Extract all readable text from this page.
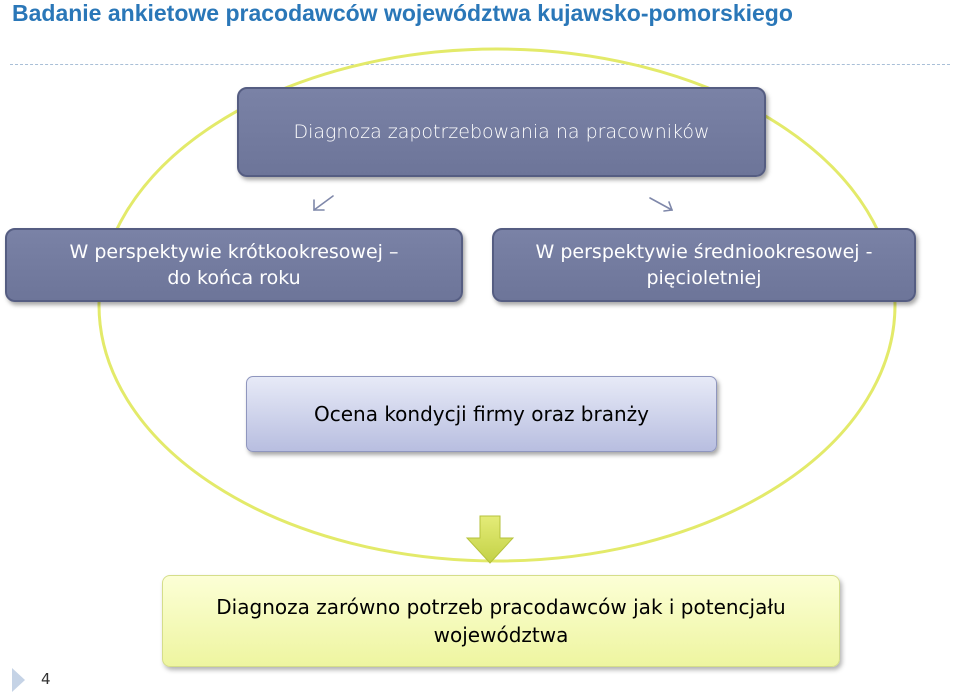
Badanie ankietowe pracodawców województwa kujawsko-pomorskiego
Diagnoza zapotrzebowania na pracowników
W perspektywie krótkookresowej –
do końca roku
W perspektywie średniookresowej -
pięcioletniej
Ocena kondycji firmy oraz branży
Diagnoza zarówno potrzeb pracodawców jak i potencjału
województwa
4
